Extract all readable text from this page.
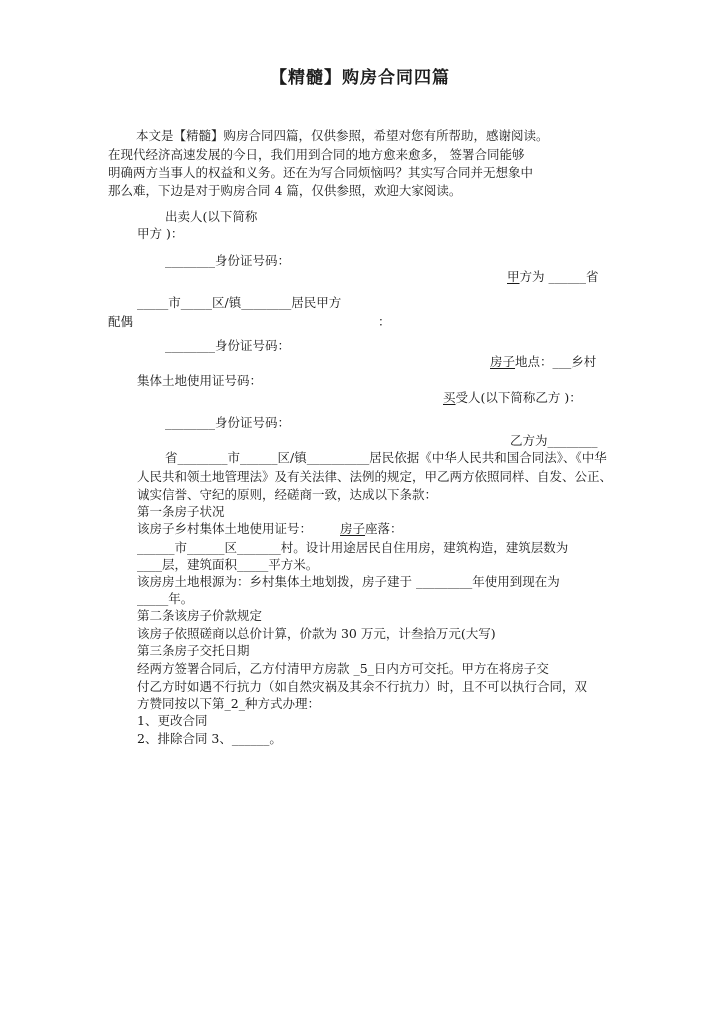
【精髓】购房合同四篇
本文是【精髓】购房合同四篇，仅供参照，希望对您有所帮助，感谢阅读。
在现代经济高速发展的今日，我们用到合同的地方愈来愈多， 签署合同能够
明确两方当事人的权益和义务。还在为写合同烦恼吗？其实写合同并无想象中
那么难，下边是对于购房合同 4 篇，仅供参照，欢迎大家阅读。
出卖人(以下简称
甲方 )：
________身份证号码：
甲方为 ______省
_____市_____区/镇________居民甲方
配偶	：
________身份证号码：
房子地点：___乡村
集体土地使用证号码：
买受人(以下简称乙方 )：
________身份证号码：
乙方为________
省________市______区/镇__________居民依据《中华人民共和国合同法》、《中华
人民共和领土地管理法》及有关法律、法例的规定，甲乙两方依照同样、自发、公正、
诚实信誉、守纪的原则，经磋商一致，达成以下条款：
第一条房子状况
该房子乡村集体土地使用证号： 房子座落：
______市______区_______村。设计用途居民自住用房，建筑构造，建筑层数为
____层，建筑面积_____平方米。
该房房土地根源为：乡村集体土地划拨，房子建于 _________年使用到现在为
_____年。
第二条该房子价款规定
该房子依照磋商以总价计算，价款为 30 万元，计叁拾万元(大写)
第三条房子交托日期
经两方签署合同后，乙方付清甲方房款 _5_日内方可交托。甲方在将房子交
付乙方时如遇不行抗力（如自然灾祸及其余不行抗力）时，且不可以执行合同，双
方赞同按以下第_2_种方式办理：
1、更改合同
2、排除合同 3、______。
